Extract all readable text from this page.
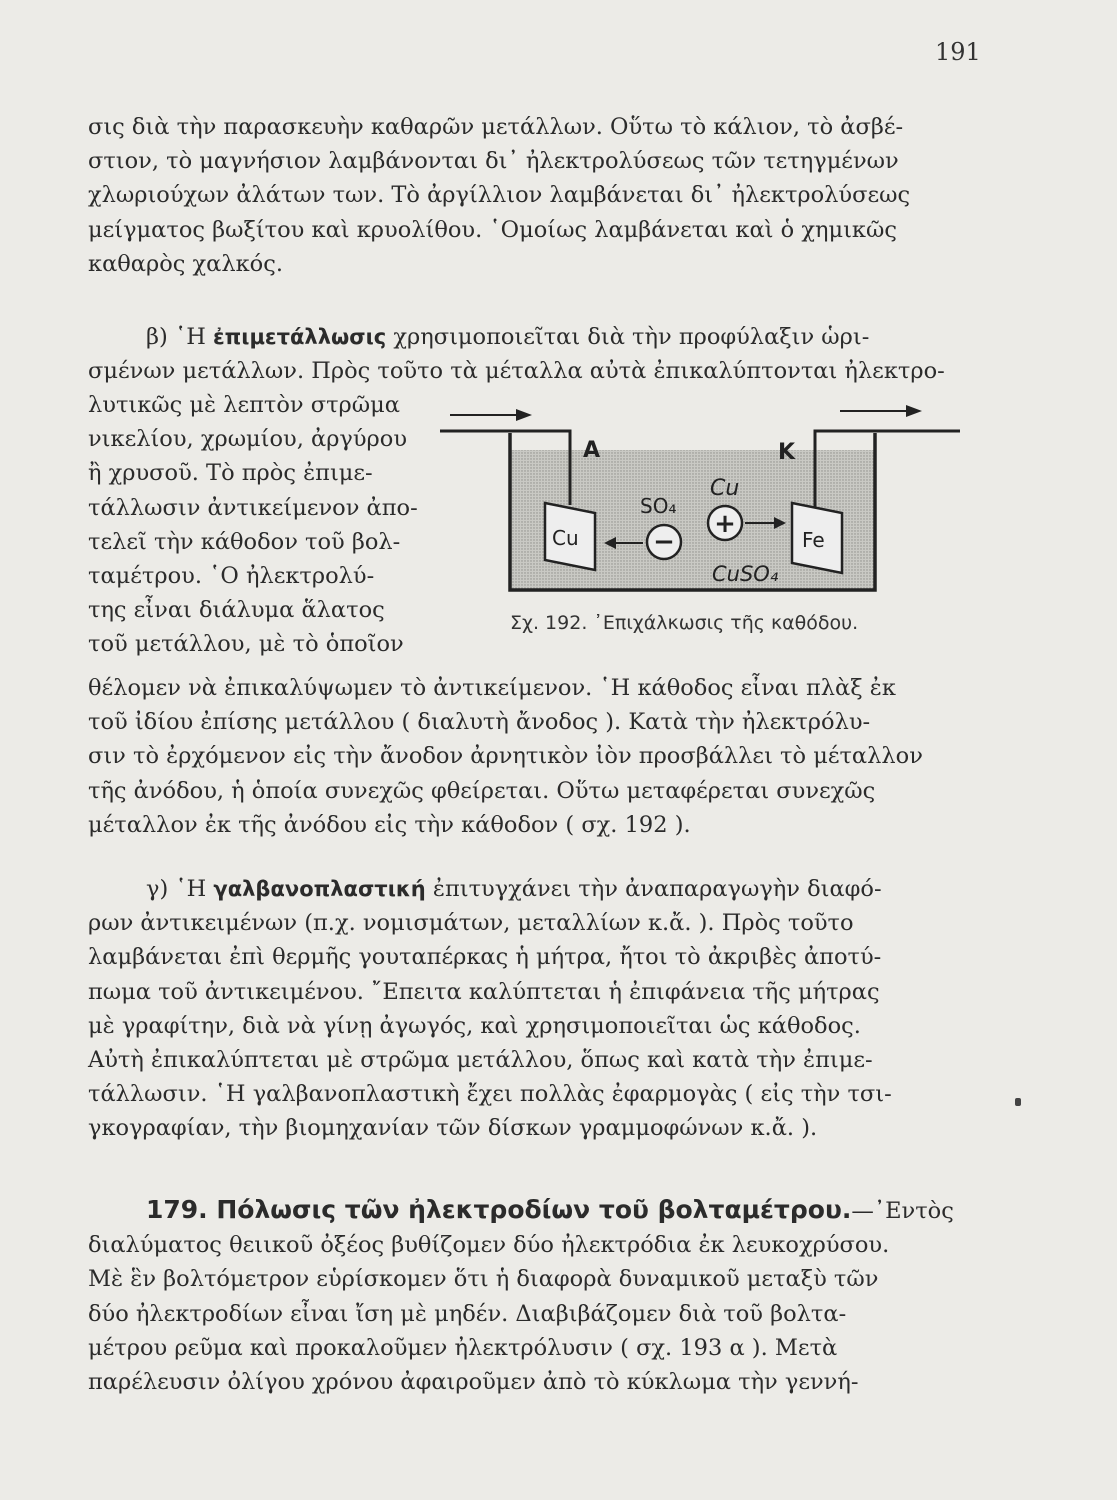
191
σις διὰ τὴν παρασκευὴν καθαρῶν μετάλλων. Οὕτω τὸ κάλιον, τὸ ἀσβέ-
στιον, τὸ μαγνήσιον λαμβάνονται δι᾿ ἠλεκτρολύσεως τῶν τετηγμένων
χλωριούχων ἀλάτων των. Τὸ ἀργίλλιον λαμβάνεται δι᾿ ἠλεκτρολύσεως
μείγματος βωξίτου καὶ κρυολίθου. ῾Ομοίως λαμβάνεται καὶ ὁ χημικῶς
καθαρὸς χαλκός.
β) ῾Η ἐπιμετάλλωσις χρησιμοποιεῖται διὰ τὴν προφύλαξιν ὡρι-
σμένων μετάλλων. Πρὸς τοῦτο τὰ μέταλλα αὐτὰ ἐπικαλύπτονται ἠλεκτρο-
λυτικῶς μὲ λεπτὸν στρῶμα
νικελίου, χρωμίου, ἀργύρου
ἢ χρυσοῦ. Τὸ πρὸς ἐπιμε-
τάλλωσιν ἀντικείμενον ἀπο-
τελεῖ τὴν κάθοδον τοῦ βολ-
ταμέτρου. ῾Ο ἠλεκτρολύ-
της εἶναι διάλυμα ἅλατος
τοῦ μετάλλου, μὲ τὸ ὁποῖον
A	K
Cu	Fe
SO₄
−
Cu
+
CuSO₄
Σχ. 192. ᾿Επιχάλκωσις τῆς καθόδου.
θέλομεν νὰ ἐπικαλύψωμεν τὸ ἀντικείμενον. ῾Η κάθοδος εἶναι πλὰξ ἐκ
τοῦ ἰδίου ἐπίσης μετάλλου ( διαλυτὴ ἄνοδος ). Κατὰ τὴν ἠλεκτρόλυ-
σιν τὸ ἐρχόμενον εἰς τὴν ἄνοδον ἀρνητικὸν ἰὸν προσβάλλει τὸ μέταλλον
τῆς ἀνόδου, ἡ ὁποία συνεχῶς φθείρεται. Οὕτω μεταφέρεται συνεχῶς
μέταλλον ἐκ τῆς ἀνόδου εἰς τὴν κάθοδον ( σχ. 192 ).
γ) ῾Η γαλβανοπλαστική ἐπιτυγχάνει τὴν ἀναπαραγωγὴν διαφό-
ρων ἀντικειμένων (π.χ. νομισμάτων, μεταλλίων κ.ἄ. ). Πρὸς τοῦτο
λαμβάνεται ἐπὶ θερμῆς γουταπέρκας ἡ μήτρα, ἤτοι τὸ ἀκριβὲς ἀποτύ-
πωμα τοῦ ἀντικειμένου. ῎Επειτα καλύπτεται ἡ ἐπιφάνεια τῆς μήτρας
μὲ γραφίτην, διὰ νὰ γίνῃ ἀγωγός, καὶ χρησιμοποιεῖται ὡς κάθοδος.
Αὐτὴ ἐπικαλύπτεται μὲ στρῶμα μετάλλου, ὅπως καὶ κατὰ τὴν ἐπιμε-
τάλλωσιν. ῾Η γαλβανοπλαστικὴ ἔχει πολλὰς ἐφαρμογὰς ( εἰς τὴν τσι-
γκογραφίαν, τὴν βιομηχανίαν τῶν δίσκων γραμμοφώνων κ.ἄ. ).
179. Πόλωσις τῶν ἠλεκτροδίων τοῦ βολταμέτρου.—᾿Εντὸς
διαλύματος θειικοῦ ὀξέος βυθίζομεν δύο ἠλεκτρόδια ἐκ λευκοχρύσου.
Μὲ ἓν βολτόμετρον εὑρίσκομεν ὅτι ἡ διαφορὰ δυναμικοῦ μεταξὺ τῶν
δύο ἠλεκτροδίων εἶναι ἴση μὲ μηδέν. Διαβιβάζομεν διὰ τοῦ βολτα-
μέτρου ρεῦμα καὶ προκαλοῦμεν ἠλεκτρόλυσιν ( σχ. 193 α ). Μετὰ
παρέλευσιν ὀλίγου χρόνου ἀφαιροῦμεν ἀπὸ τὸ κύκλωμα τὴν γεννή-
